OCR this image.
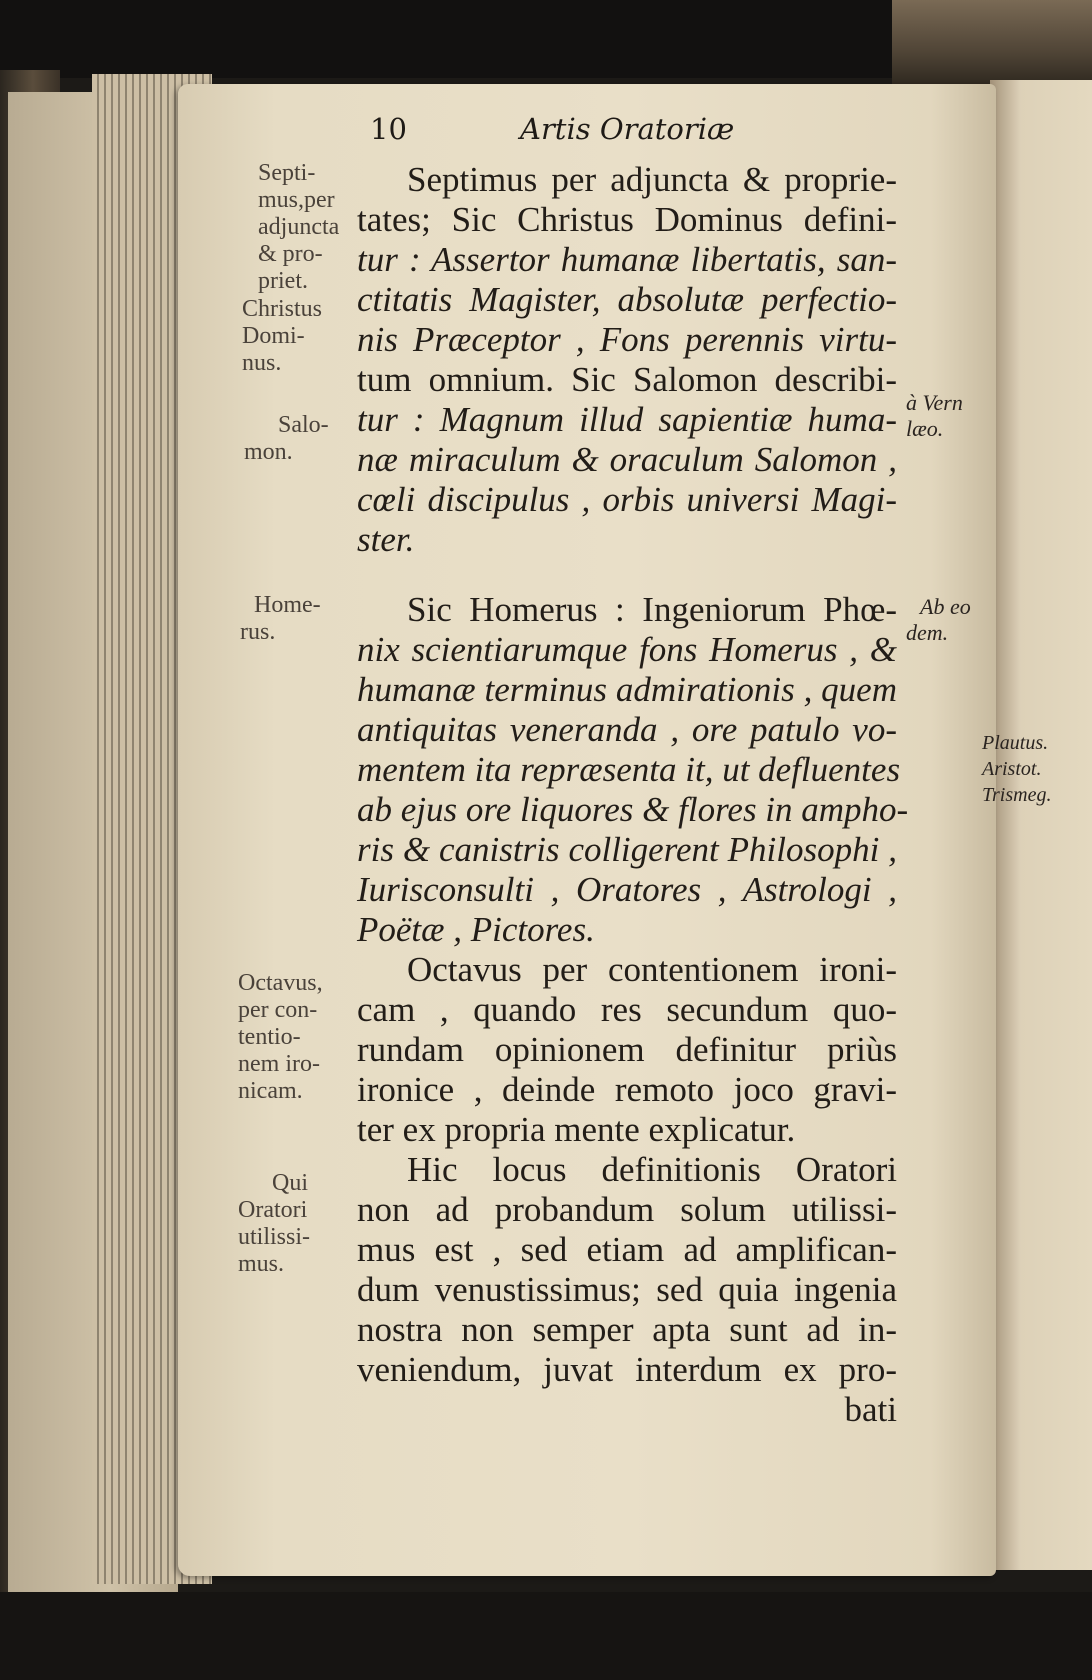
10	Artis Oratoriæ
Septi-
mus,per
adjuncta
& pro-
priet.
Christus
Domi-
nus.
Salo-
mon.
Home-
rus.
Octavus,
per con-
tentio-
nem iro-
nicam.
Qui
Oratori
utilissi-
mus.
à Vern
læo.
Ab eo
dem.
Plautus.
Aristot.
Trismeg.
Septimus per adjuncta & proprie-
tates; Sic Christus Dominus defini-
tur : Assertor humanæ libertatis, san-
ctitatis Magister, absolutæ perfectio-
nis Præceptor , Fons perennis virtu-
tum omnium. Sic Salomon describi-
tur : Magnum illud sapientiæ huma-
næ miraculum & oraculum Salomon ,
cœli discipulus , orbis universi Magi-
ster.
Sic Homerus : Ingeniorum Phœ-
nix scientiarumque fons Homerus , &
humanæ terminus admirationis , quem
antiquitas veneranda , ore patulo vo-
mentem ita repræsenta it, ut defluentes
ab ejus ore liquores & flores in ampho-
ris & canistris colligerent Philosophi ,
Iurisconsulti , Oratores , Astrologi ,
Poëtæ , Pictores.
Octavus per contentionem ironi-
cam , quando res secundum quo-
rundam opinionem definitur priùs
ironice , deinde remoto joco gravi-
ter ex propria mente explicatur.
Hic locus definitionis Oratori
non ad probandum solum utilissi-
mus est , sed etiam ad amplifican-
dum venustissimus; sed quia ingenia
nostra non semper apta sunt ad in-
veniendum, juvat interdum ex pro-
bati
